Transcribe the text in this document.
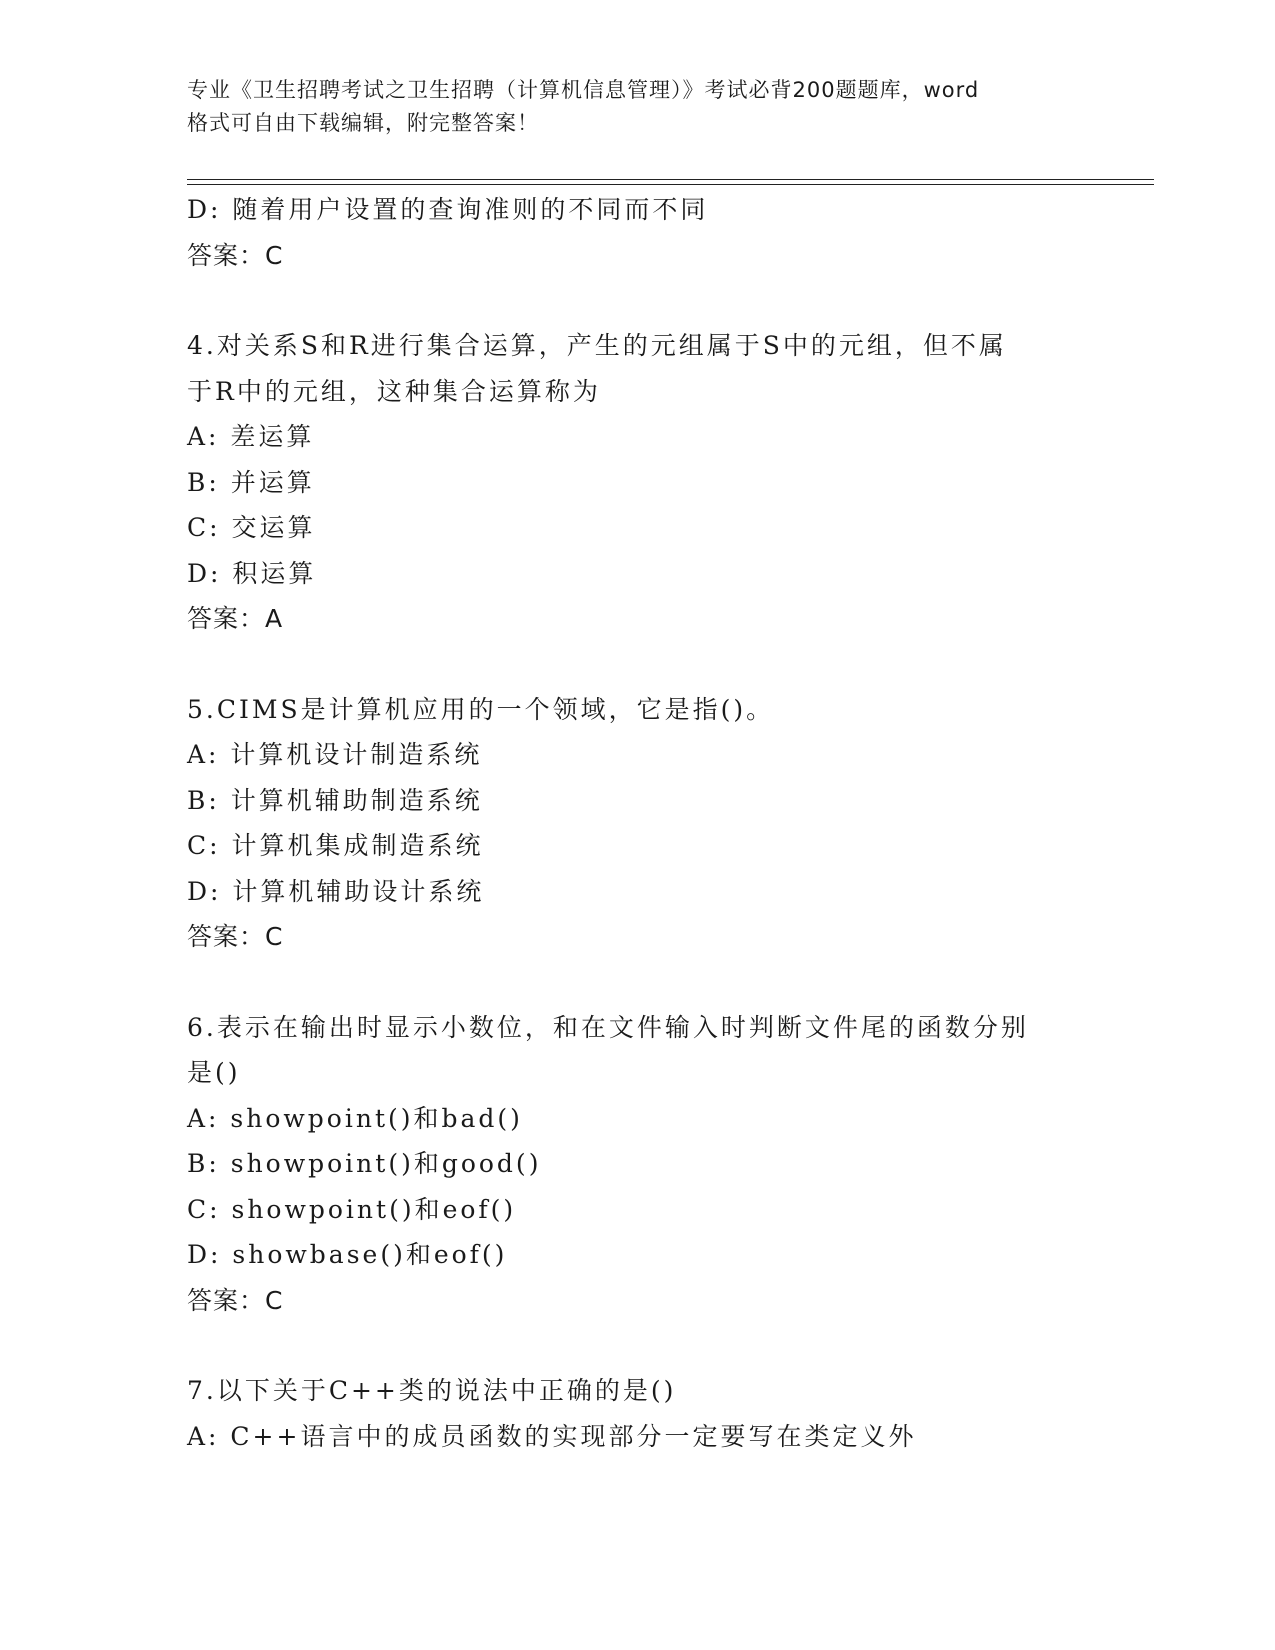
专业《卫生招聘考试之卫生招聘（计算机信息管理）》考试必背200题题库，word
格式可自由下载编辑，附完整答案！
D: 随着用户设置的查询准则的不同而不同
答案：C
4.对关系S和R进行集合运算，产生的元组属于S中的元组，但不属
于R中的元组，这种集合运算称为
A: 差运算
B: 并运算
C: 交运算
D: 积运算
答案：A
5.CIMS是计算机应用的一个领域，它是指()。
A: 计算机设计制造系统
B: 计算机辅助制造系统
C: 计算机集成制造系统
D: 计算机辅助设计系统
答案：C
6.表示在输出时显示小数位，和在文件输入时判断文件尾的函数分别
是()
A: showpoint()和bad()
B: showpoint()和good()
C: showpoint()和eof()
D: showbase()和eof()
答案：C
7.以下关于C++类的说法中正确的是()
A: C++语言中的成员函数的实现部分一定要写在类定义外
